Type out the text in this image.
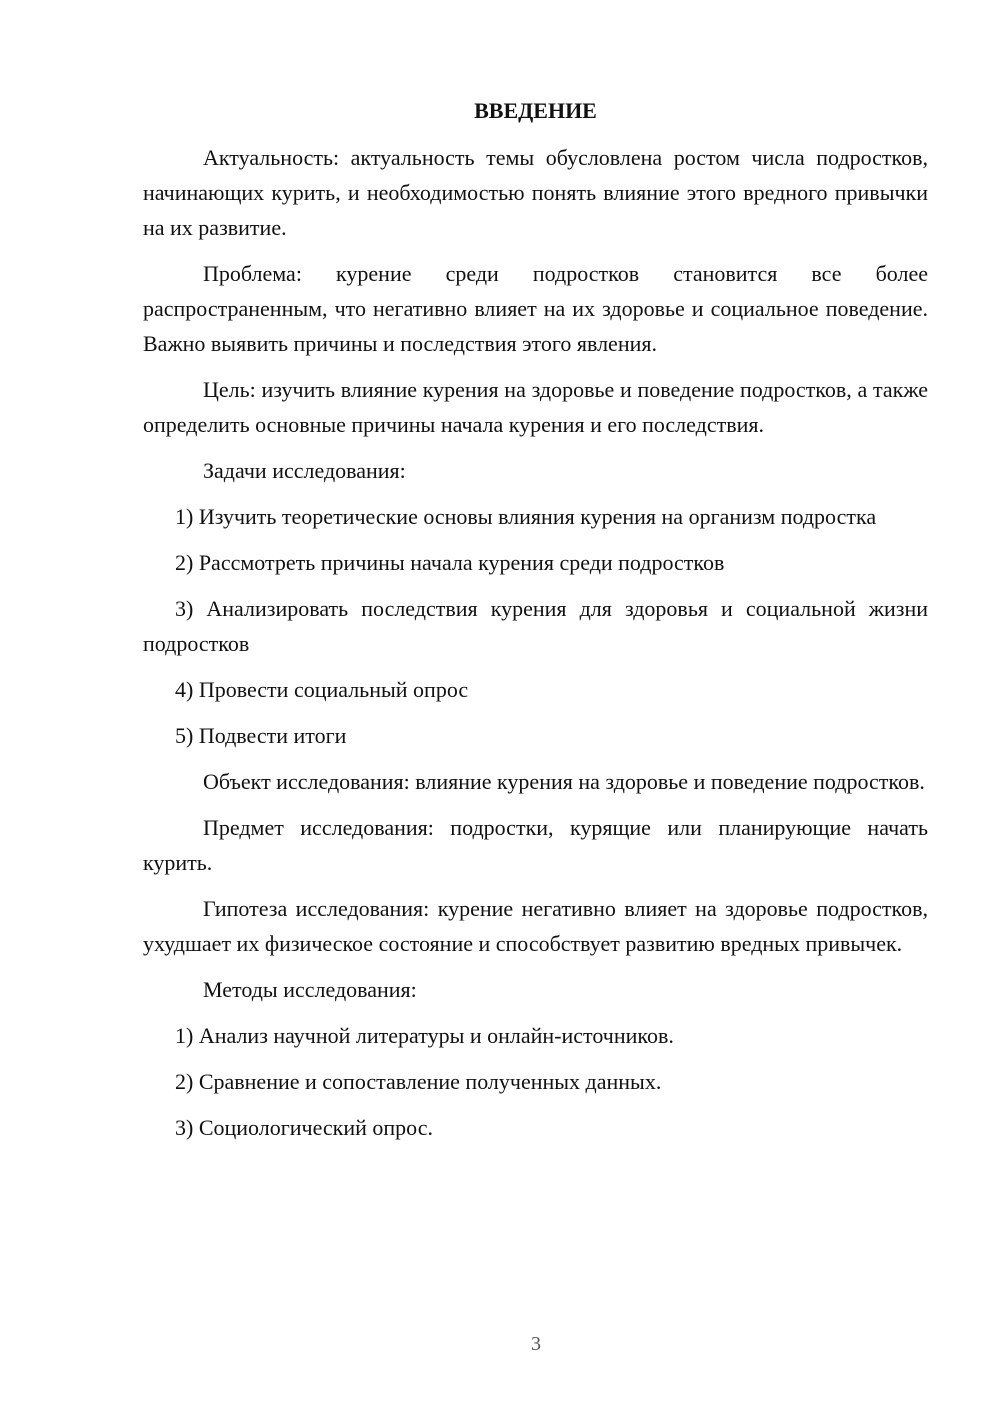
ВВЕДЕНИЕ

Актуальность: актуальность темы обусловлена ростом числа подростков, начинающих курить, и необходимостью понять влияние этого вредного привычки на их развитие.

Проблема: курение среди подростков становится все более распространенным, что негативно влияет на их здоровье и социальное поведение. Важно выявить причины и последствия этого явления.

Цель: изучить влияние курения на здоровье и поведение подростков, а также определить основные причины начала курения и его последствия.

Задачи исследования:

1) Изучить теоретические основы влияния курения на организм подростка

2) Рассмотреть причины начала курения среди подростков

3) Анализировать последствия курения для здоровья и социальной жизни подростков

4) Провести социальный опрос

5) Подвести итоги

Объект исследования: влияние курения на здоровье и поведение подростков.

Предмет исследования: подростки, курящие или планирующие начать курить.

Гипотеза исследования: курение негативно влияет на здоровье подростков, ухудшает их физическое состояние и способствует развитию вредных привычек.

Методы исследования:

1) Анализ научной литературы и онлайн-источников.

2) Сравнение и сопоставление полученных данных.

3) Социологический опрос.

3
